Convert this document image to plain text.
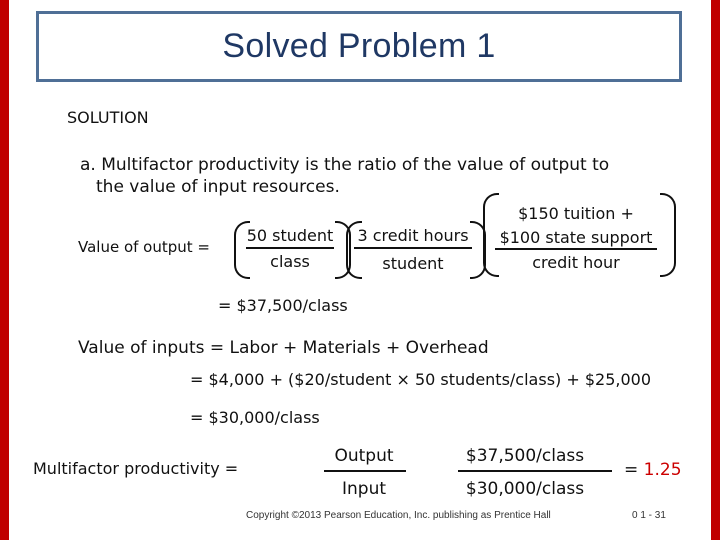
Solved Problem 1
SOLUTION
a. Multifactor productivity is the ratio of the value of output to
the value of input resources.
Value of output =
50 student
class
3 credit hours
student
$150 tuition +
$100 state support
credit hour
= $37,500/class
Value of inputs = Labor + Materials + Overhead
= $4,000 + ($20/student × 50 students/class) + $25,000
= $30,000/class
Multifactor productivity =
Output
Input
$37,500/class
$30,000/class
= 1.25
Copyright ©2013 Pearson Education, Inc. publishing as Prentice Hall	0 1 - 31
